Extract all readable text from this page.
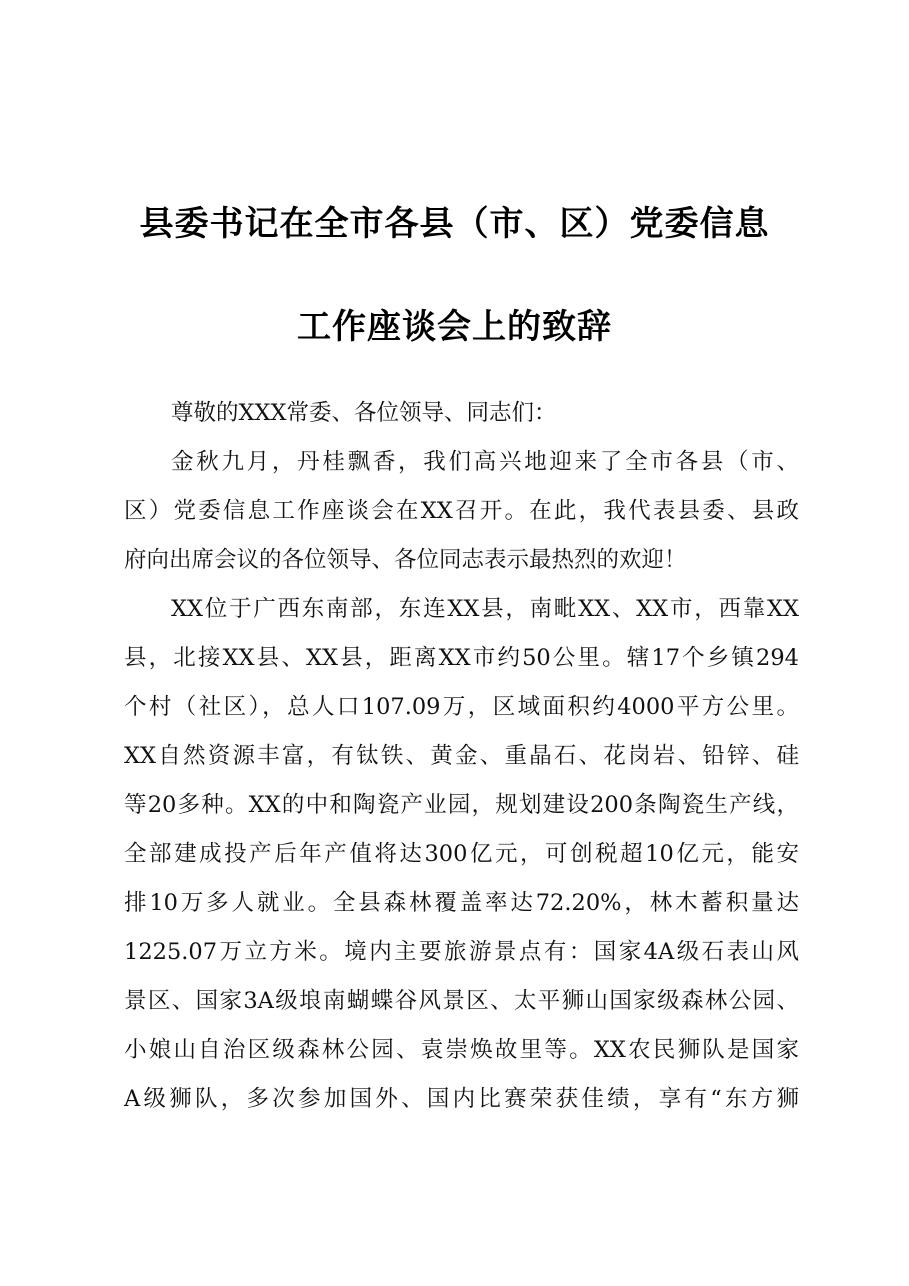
县委书记在全市各县（市、区）党委信息
工作座谈会上的致辞
尊敬的XXX常委、各位领导、同志们：
金秋九月，丹桂飘香，我们高兴地迎来了全市各县（市、
区）党委信息工作座谈会在XX召开。在此，我代表县委、县政
府向出席会议的各位领导、各位同志表示最热烈的欢迎！
XX位于广西东南部，东连XX县，南毗XX、XX市，西靠XX
县，北接XX县、XX县，距离XX市约50公里。辖17个乡镇294
个村（社区），总人口107.09万，区域面积约4000平方公里。
XX自然资源丰富，有钛铁、黄金、重晶石、花岗岩、铅锌、硅
等20多种。XX的中和陶瓷产业园，规划建设200条陶瓷生产线，
全部建成投产后年产值将达300亿元，可创税超10亿元，能安
排10万多人就业。全县森林覆盖率达72.20%，林木蓄积量达
1225.07万立方米。境内主要旅游景点有：国家4A级石表山风
景区、国家3A级埌南蝴蝶谷风景区、太平狮山国家级森林公园、
小娘山自治区级森林公园、袁崇焕故里等。XX农民狮队是国家
A级狮队，多次参加国外、国内比赛荣获佳绩，享有“东方狮
